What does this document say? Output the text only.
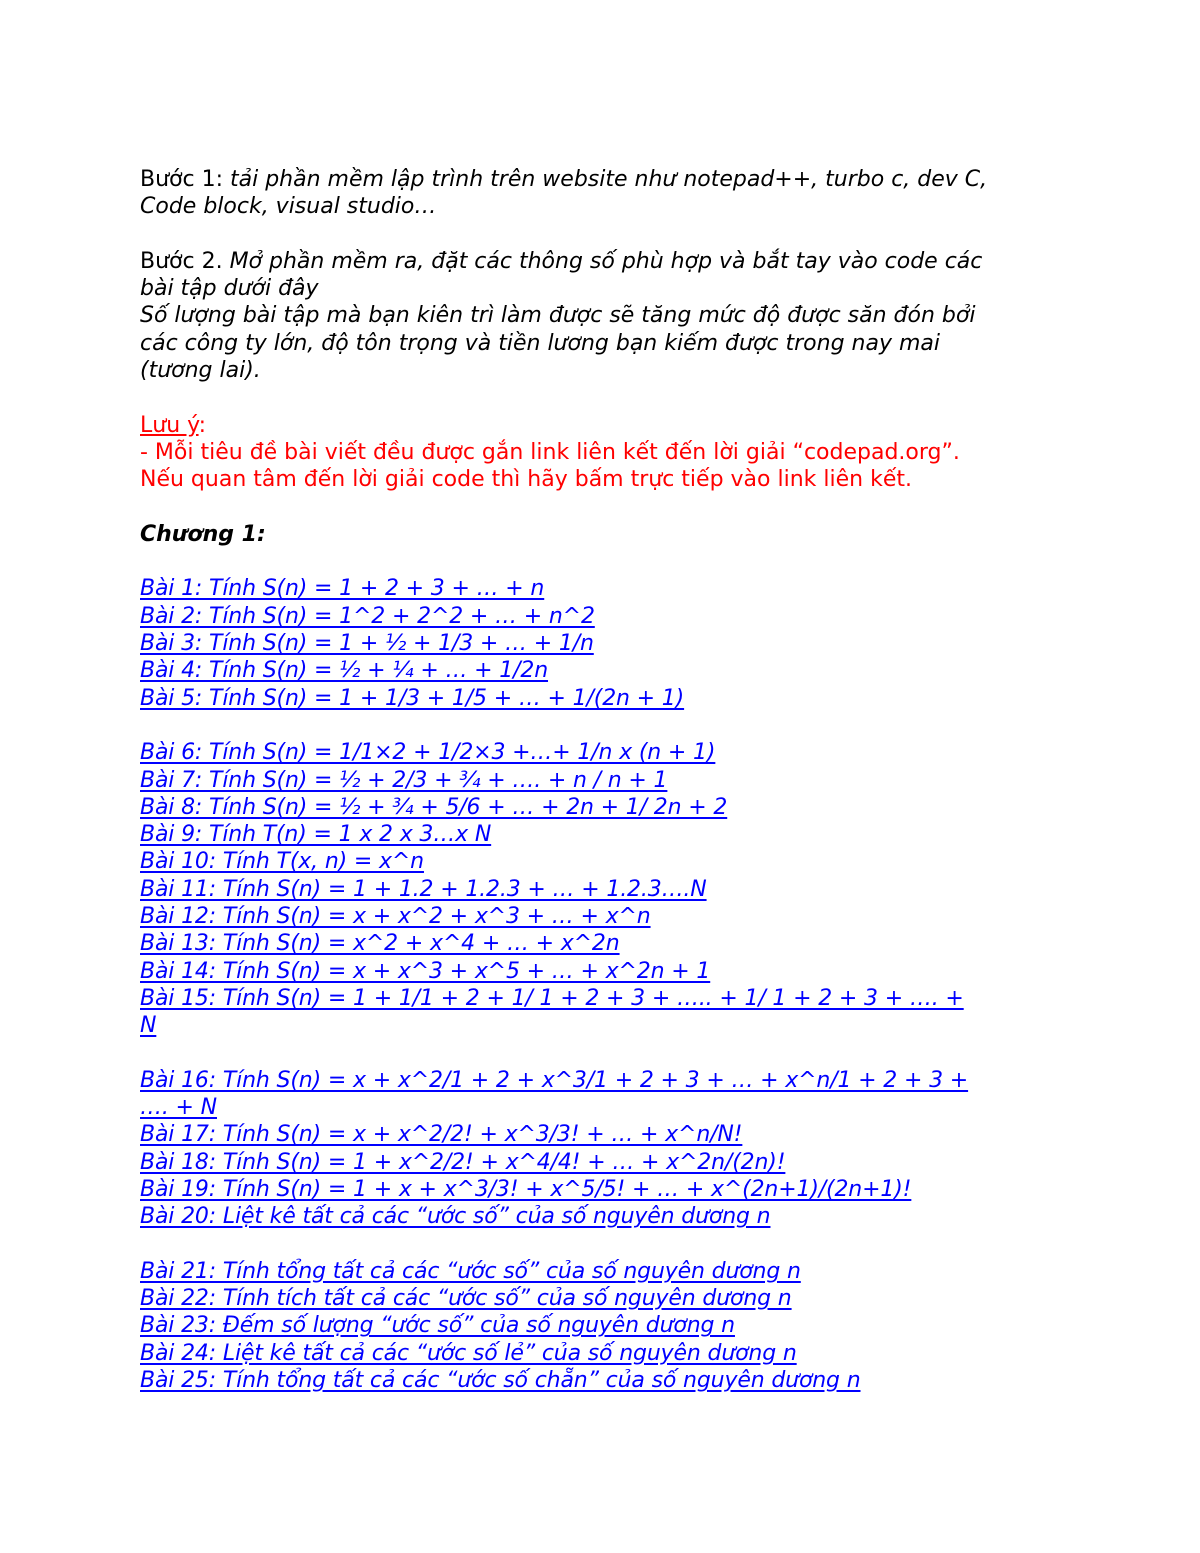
Bước 1: tải phần mềm lập trình trên website như notepad++, turbo c, dev C,
Code block, visual studio…
Bước 2. Mở phần mềm ra, đặt các thông số phù hợp và bắt tay vào code các
bài tập dưới đây
Số lượng bài tập mà bạn kiên trì làm được sẽ tăng mức độ được săn đón bởi
các công ty lớn, độ tôn trọng và tiền lương bạn kiếm được trong nay mai
(tương lai).
Lưu ý:
- Mỗi tiêu đề bài viết đều được gắn link liên kết đến lời giải “codepad.org”.
Nếu quan tâm đến lời giải code thì hãy bấm trực tiếp vào link liên kết.
Chương 1:
Bài 1: Tính S(n) = 1 + 2 + 3 + … + n
Bài 2: Tính S(n) = 1^2 + 2^2 + … + n^2
Bài 3: Tính S(n) = 1 + ½ + 1/3 + … + 1/n
Bài 4: Tính S(n) = ½ + ¼ + … + 1/2n
Bài 5: Tính S(n) = 1 + 1/3 + 1/5 + … + 1/(2n + 1)
Bài 6: Tính S(n) = 1/1×2 + 1/2×3 +…+ 1/n x (n + 1)
Bài 7: Tính S(n) = ½ + 2/3 + ¾ + …. + n / n + 1
Bài 8: Tính S(n) = ½ + ¾ + 5/6 + … + 2n + 1/ 2n + 2
Bài 9: Tính T(n) = 1 x 2 x 3…x N
Bài 10: Tính T(x, n) = x^n
Bài 11: Tính S(n) = 1 + 1.2 + 1.2.3 + … + 1.2.3….N
Bài 12: Tính S(n) = x + x^2 + x^3 + … + x^n
Bài 13: Tính S(n) = x^2 + x^4 + … + x^2n
Bài 14: Tính S(n) = x + x^3 + x^5 + … + x^2n + 1
Bài 15: Tính S(n) = 1 + 1/1 + 2 + 1/ 1 + 2 + 3 + ….. + 1/ 1 + 2 + 3 + …. +
N
Bài 16: Tính S(n) = x + x^2/1 + 2 + x^3/1 + 2 + 3 + … + x^n/1 + 2 + 3 +
…. + N
Bài 17: Tính S(n) = x + x^2/2! + x^3/3! + … + x^n/N!
Bài 18: Tính S(n) = 1 + x^2/2! + x^4/4! + … + x^2n/(2n)!
Bài 19: Tính S(n) = 1 + x + x^3/3! + x^5/5! + … + x^(2n+1)/(2n+1)!
Bài 20: Liệt kê tất cả các “ước số” của số nguyên dương n
Bài 21: Tính tổng tất cả các “ước số” của số nguyên dương n
Bài 22: Tính tích tất cả các “ước số” của số nguyên dương n
Bài 23: Đếm số lượng “ước số” của số nguyên dương n
Bài 24: Liệt kê tất cả các “ước số lẻ” của số nguyên dương n
Bài 25: Tính tổng tất cả các “ước số chẵn” của số nguyên dương n
